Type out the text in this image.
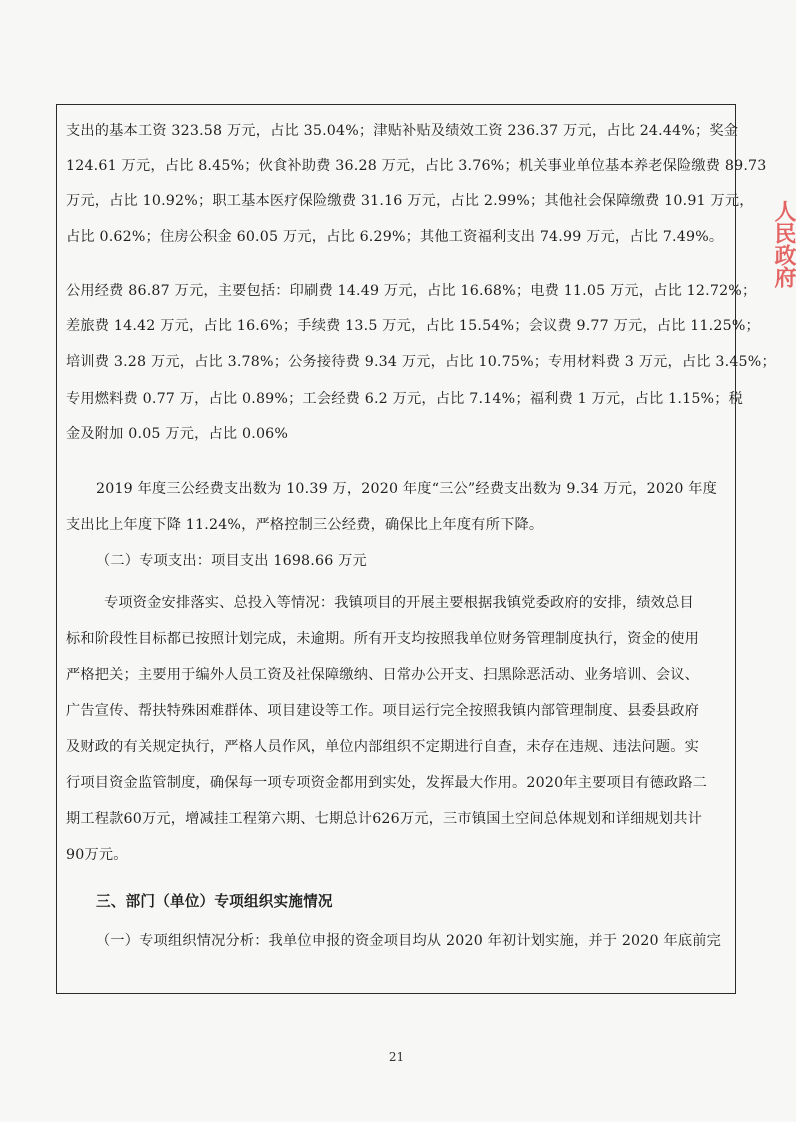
支出的基本工资 323.58 万元，占比 35.04%；津贴补贴及绩效工资 236.37 万元，占比 24.44%；奖金
124.61 万元，占比 8.45%；伙食补助费 36.28 万元，占比 3.76%；机关事业单位基本养老保险缴费 89.73
万元，占比 10.92%；职工基本医疗保险缴费 31.16 万元，占比 2.99%；其他社会保障缴费 10.91 万元，
占比 0.62%；住房公积金 60.05 万元，占比 6.29%；其他工资福利支出 74.99 万元，占比 7.49%。
公用经费 86.87 万元，主要包括：印刷费 14.49 万元，占比 16.68%；电费 11.05 万元，占比 12.72%；
差旅费 14.42 万元，占比 16.6%；手续费 13.5 万元，占比 15.54%；会议费 9.77 万元，占比 11.25%；
培训费 3.28 万元，占比 3.78%；公务接待费 9.34 万元，占比 10.75%；专用材料费 3 万元，占比 3.45%；
专用燃料费 0.77 万，占比 0.89%；工会经费 6.2 万元，占比 7.14%；福利费 1 万元，占比 1.15%；税
金及附加 0.05 万元，占比 0.06%
2019 年度三公经费支出数为 10.39 万，2020 年度“三公”经费支出数为 9.34 万元，2020 年度
支出比上年度下降 11.24%，严格控制三公经费，确保比上年度有所下降。
（二）专项支出：项目支出 1698.66 万元
专项资金安排落实、总投入等情况：我镇项目的开展主要根据我镇党委政府的安排，绩效总目
标和阶段性目标都已按照计划完成，未逾期。所有开支均按照我单位财务管理制度执行，资金的使用
严格把关；主要用于编外人员工资及社保障缴纳、日常办公开支、扫黑除恶活动、业务培训、会议、
广告宣传、帮扶特殊困难群体、项目建设等工作。项目运行完全按照我镇内部管理制度、县委县政府
及财政的有关规定执行，严格人员作风，单位内部组织不定期进行自查，未存在违规、违法问题。实
行项目资金监管制度，确保每一项专项资金都用到实处，发挥最大作用。2020年主要项目有德政路二
期工程款60万元，增减挂工程第六期、七期总计626万元，三市镇国土空间总体规划和详细规划共计
90万元。
三、部门（单位）专项组织实施情况
（一）专项组织情况分析：我单位申报的资金项目均从 2020 年初计划实施，并于 2020 年底前完
21
人民政府
